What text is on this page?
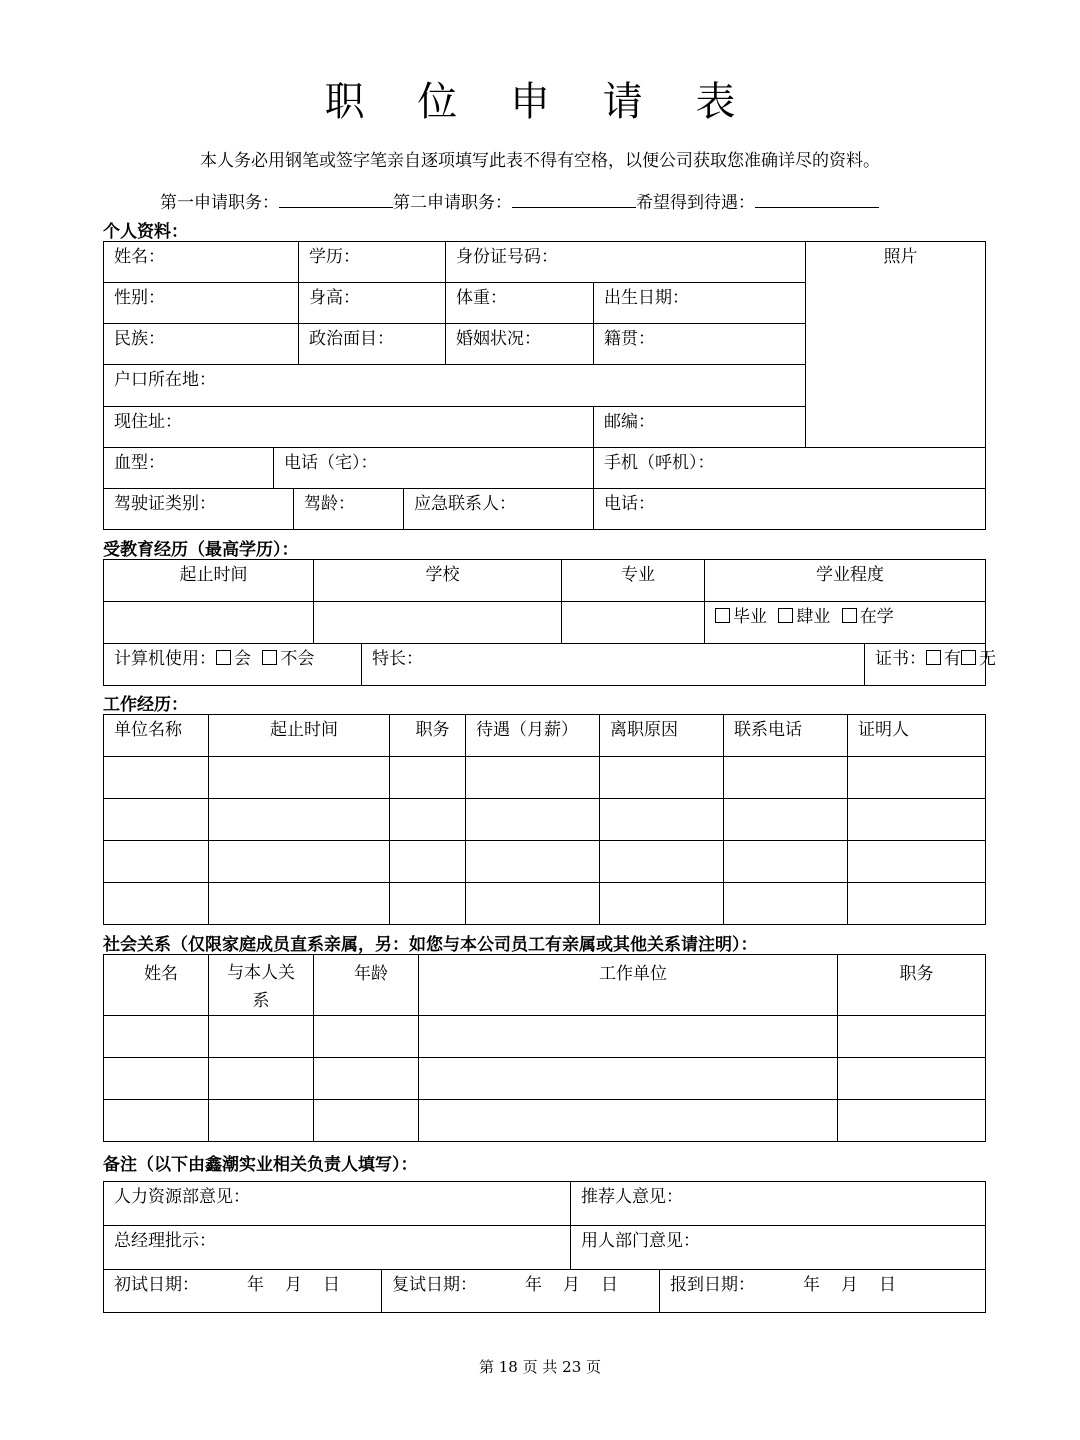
职 位 申 请 表
本人务必用钢笔或签字笔亲自逐项填写此表不得有空格，以便公司获取您准确详尽的资料。
第一申请职务：	第二申请职务：	希望得到待遇：
个人资料：
姓名：			学历：		身份证号码：		照片
性别：			身高：		体重：	出生日期：	
民族：			政治面目：		婚姻状况：	籍贯：	
户口所在地：							
现住址：						邮编：	
血型：	电话（宅）：					手机（呼机）：	
驾驶证类别：		驾龄：		应急联系人：		电话：	
受教育经历（最高学历）：
起止时间	学校		专业	学业程度	
				毕业 肆业 在学	
计算机使用： 会 不会		特长：			证书： 有 无
工作经历：
单位名称	起止时间	职务	待遇（月薪）	离职原因	联系电话	证明人

社会关系（仅限家庭成员直系亲属，另：如您与本公司员工有亲属或其他关系请注明）：
姓名	与本人关系	年龄	工作单位	职务

备注（以下由鑫潮实业相关负责人填写）：
人力资源部意见：		推荐人意见：	
总经理批示：		用人部门意见：	
初试日期： 年 月 日	复试日期： 年 月 日		报到日期： 年 月 日
第 18 页 共 23 页
